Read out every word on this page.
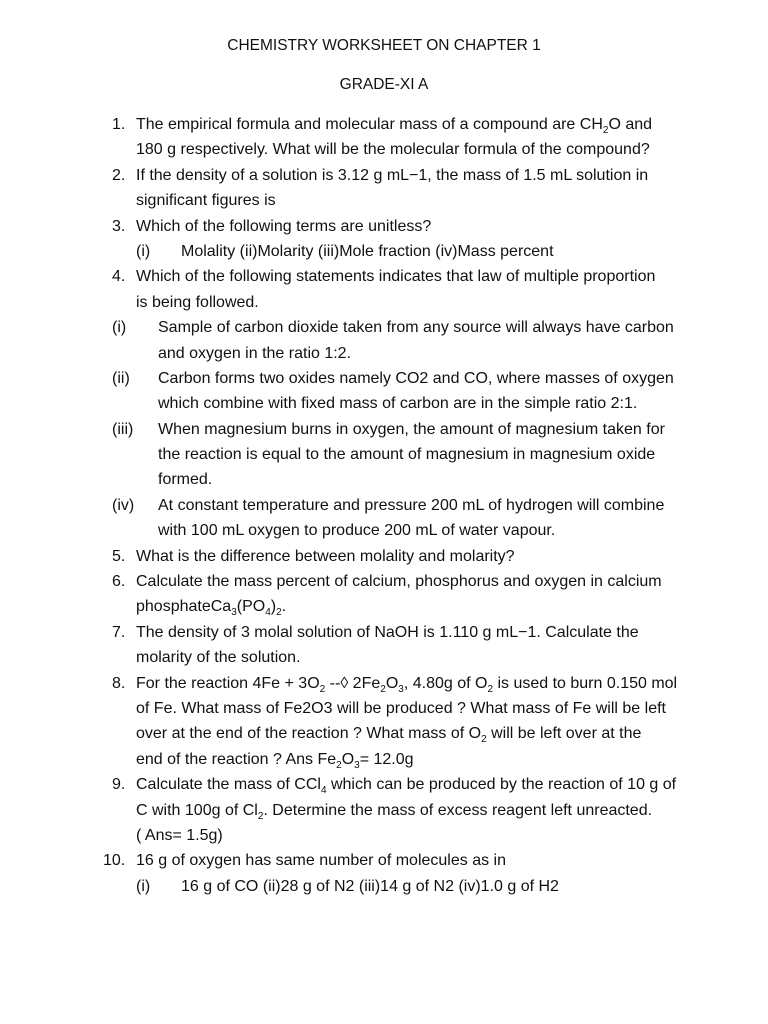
CHEMISTRY WORKSHEET ON CHAPTER 1
GRADE-XI A
1. The empirical formula and molecular mass of a compound are $CH_2O$ and
180 g respectively. What will be the molecular formula of the compound?
2. If the density of a solution is 3.12 g mL−1, the mass of 1.5 mL solution in
significant figures is
3. Which of the following terms are unitless?
(i) Molality (ii)Molarity (iii)Mole fraction (iv)Mass percent
4. Which of the following statements indicates that law of multiple proportion
is being followed.
(i) Sample of carbon dioxide taken from any source will always have carbon
and oxygen in the ratio 1:2.
(ii) Carbon forms two oxides namely CO2 and CO, where masses of oxygen
which combine with fixed mass of carbon are in the simple ratio 2:1.
(iii) When magnesium burns in oxygen, the amount of magnesium taken for
the reaction is equal to the amount of magnesium in magnesium oxide
formed.
(iv) At constant temperature and pressure 200 mL of hydrogen will combine
with 100 mL oxygen to produce 200 mL of water vapour.
5. What is the difference between molality and molarity?
6. Calculate the mass percent of calcium, phosphorus and oxygen in calcium
$phosphateCa_3(PO_4)_2$.
7. The density of 3 molal solution of NaOH is 1.110 g mL−1. Calculate the
molarity of the solution.
8. For the reaction $4Fe + 3O_2$ --◊ $2Fe_2O_3$, 4.80g of $O_2$ is used to burn 0.150 mol
of Fe. What mass of Fe2O3 will be produced ? What mass of Fe will be left
over at the end of the reaction ? What mass of $O_2$ will be left over at the
end of the reaction ? Ans $Fe_2O_3= 12.0g$
9. Calculate the mass of CCl$_4$ which can be produced by the reaction of 10 g of
C with 100g of $Cl_2$. Determine the mass of excess reagent left unreacted.
( Ans= 1.5g)
10. 16 g of oxygen has same number of molecules as in
(i) 16 g of CO (ii)28 g of N2 (iii)14 g of N2 (iv)1.0 g of H2
